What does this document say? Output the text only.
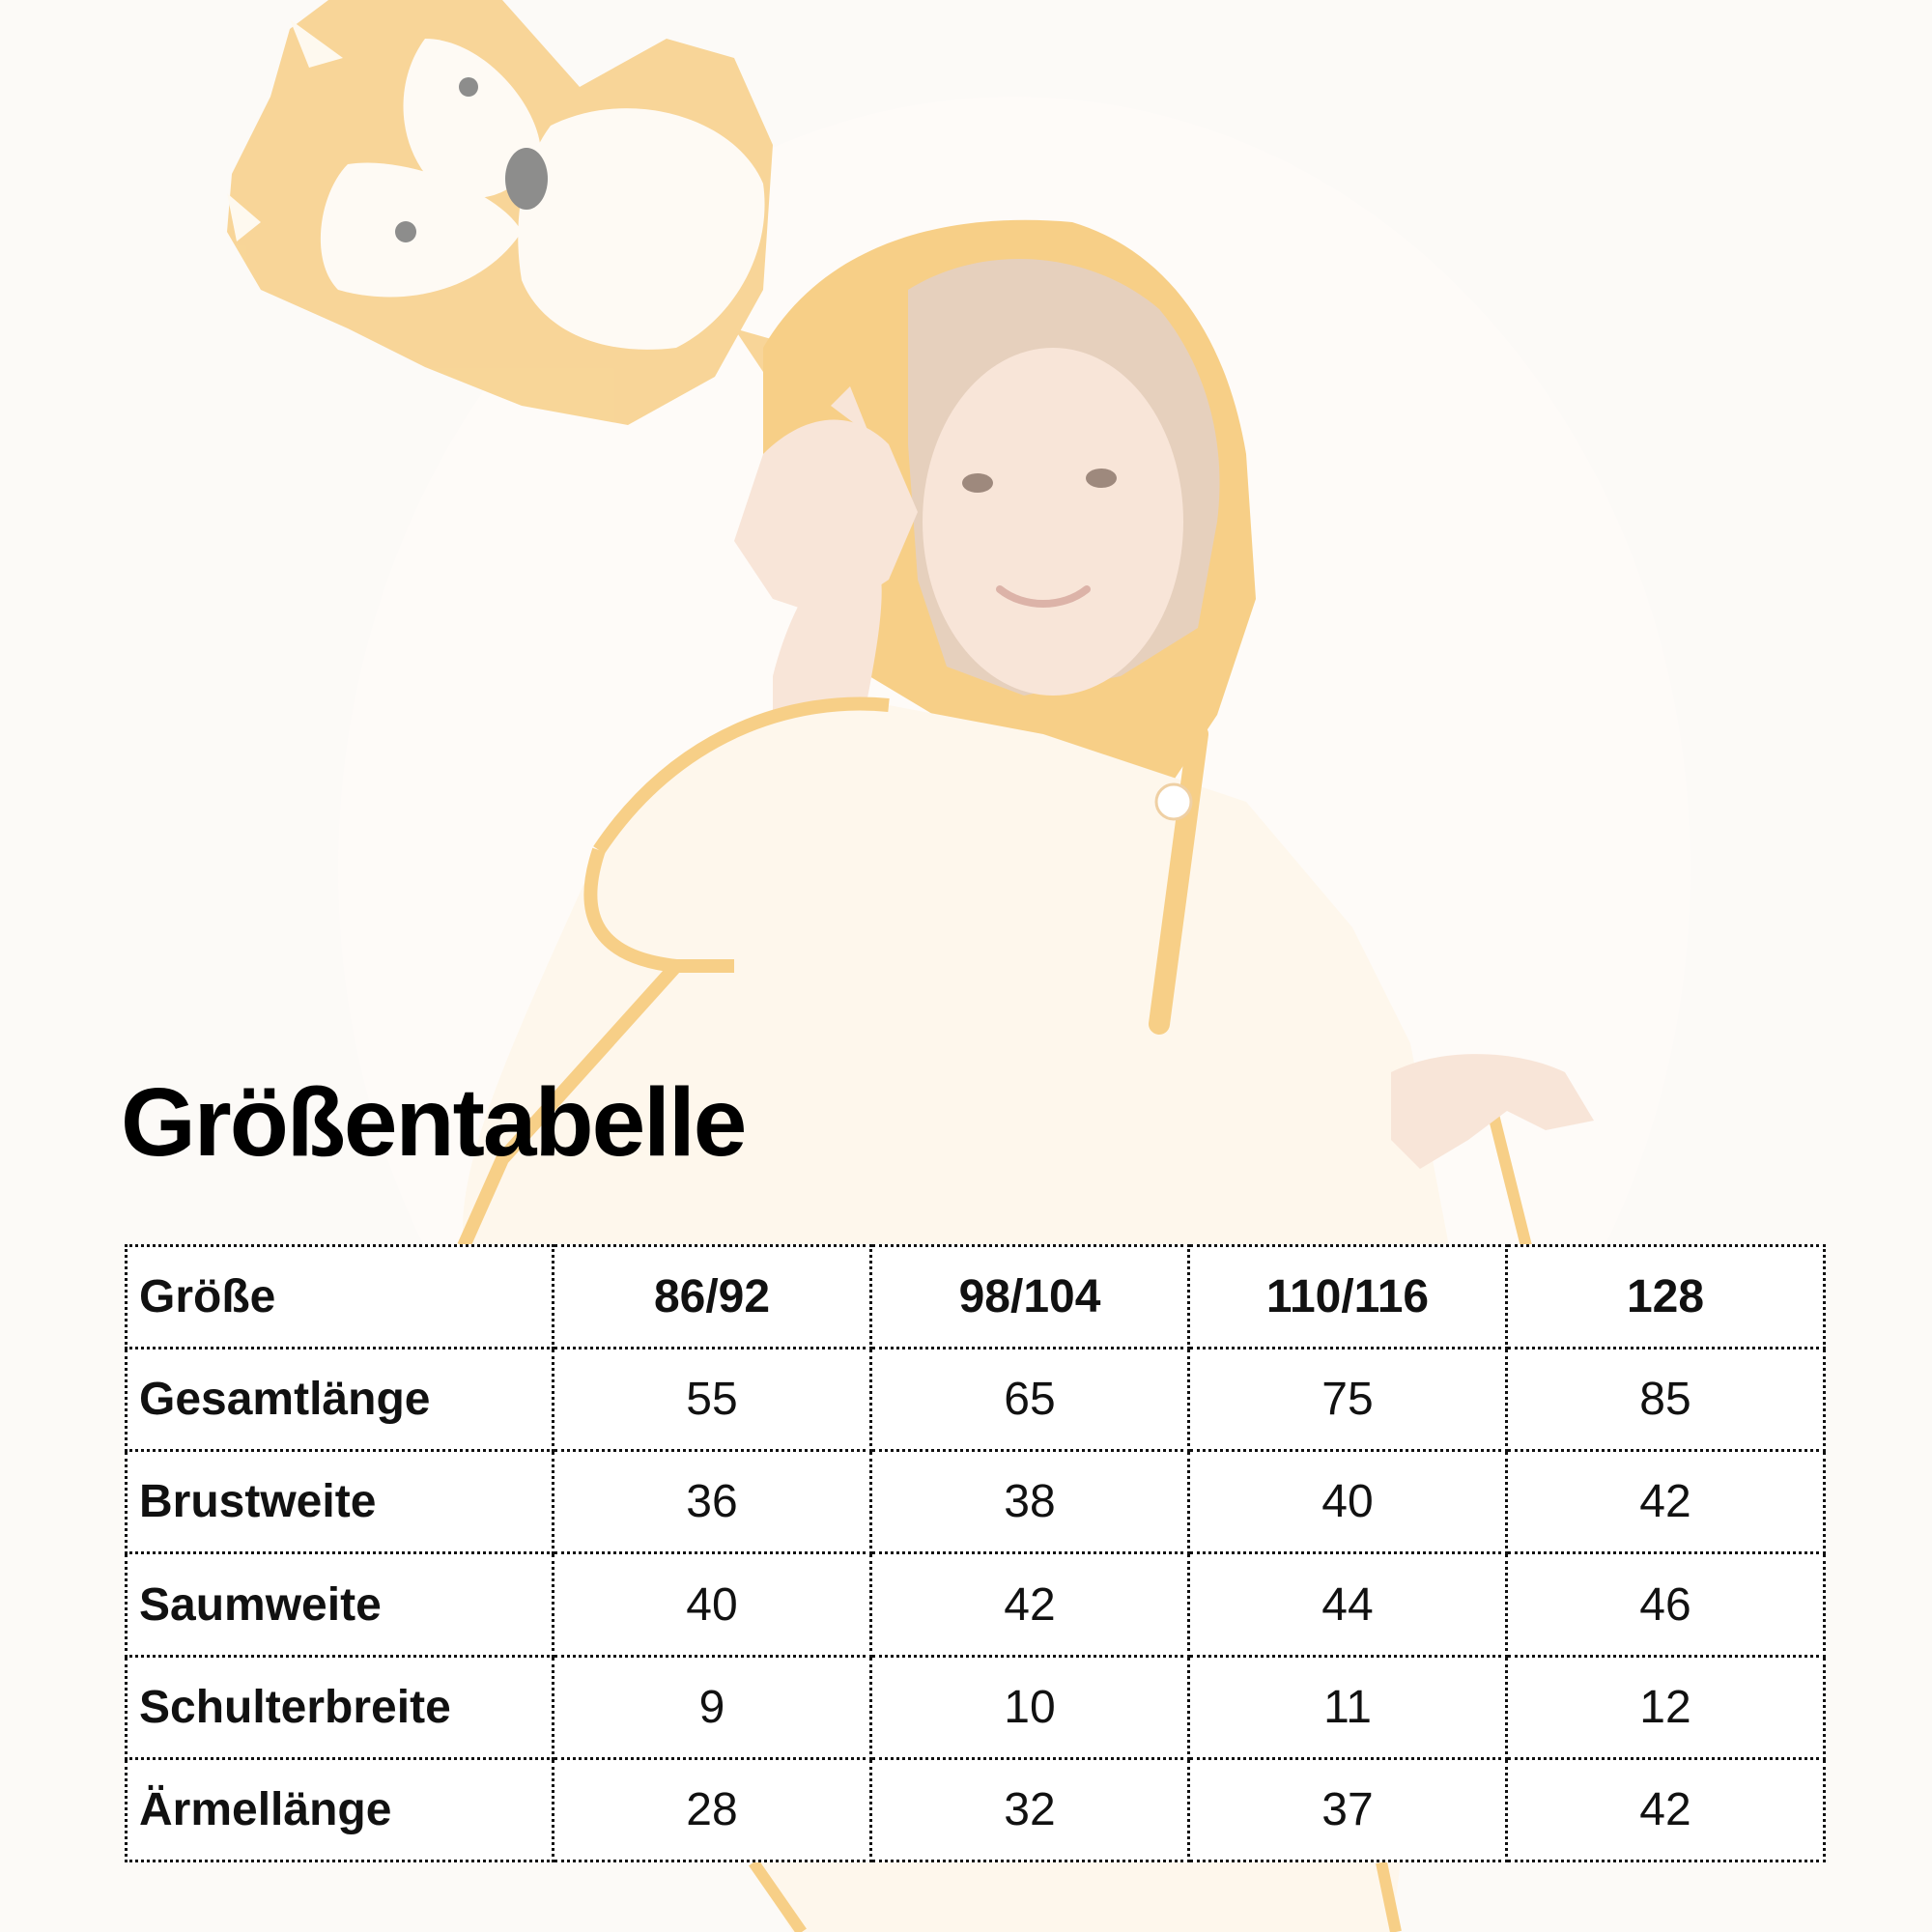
Größentabelle
Größe	86/92	98/104	110/116	128
Gesamtlänge	55	65	75	85
Brustweite	36	38	40	42
Saumweite	40	42	44	46
Schulterbreite	9	10	11	12
Ärmellänge	28	32	37	42
